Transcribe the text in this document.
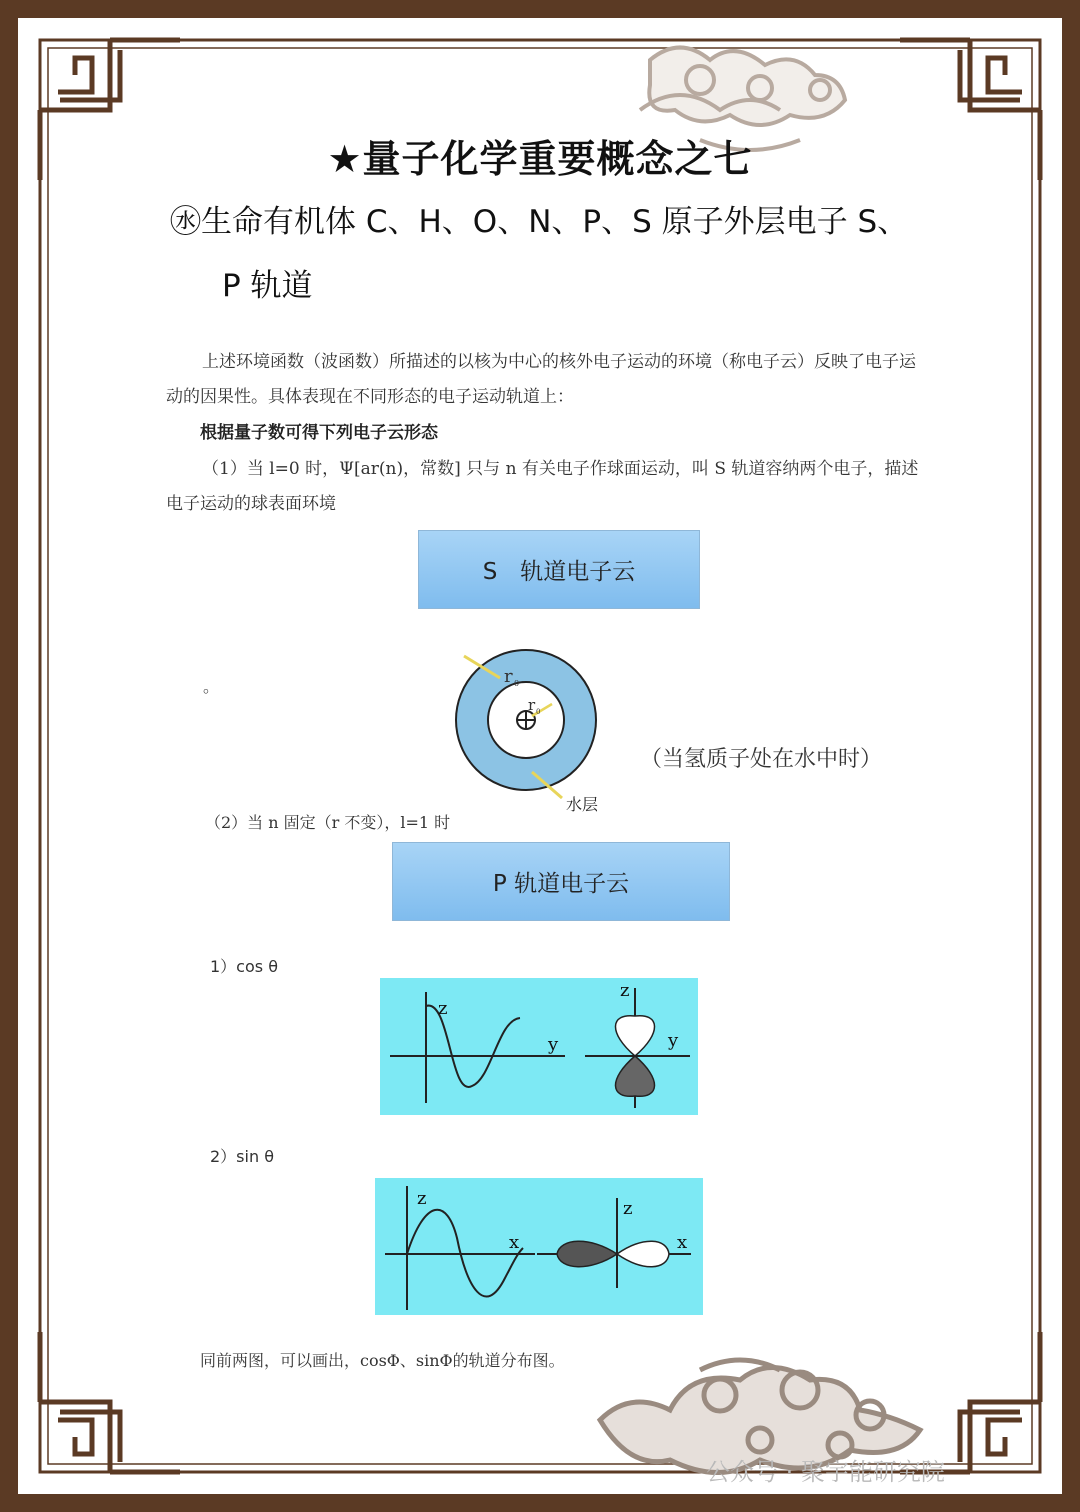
★量子化学重要概念之七
㊌生命有机体 C、H、O、N、P、S 原子外层电子 S、
P 轨道
上述环境函数（波函数）所描述的以核为中心的核外电子运动的环境（称电子云）反映了电子运动的因果性。具体表现在不同形态的电子运动轨道上：
根据量子数可得下列电子云形态
（1）当 l=0 时，Ψ[ar(n)，常数] 只与 n 有关电子作球面运动，叫 S 轨道容纳两个电子，描述电子运动的球表面环境
S　轨道电子云
。	r 0
r 0
水层
（当氢质子处在水中时）
（2）当 n 固定（r 不变），l=1 时
P 轨道电子云
1）cos θ
z
y
z
y
2）sin θ
z
x
z
x
同前两图，可以画出，cosΦ、sinΦ的轨道分布图。
公众号 · 聚宇能研究院
